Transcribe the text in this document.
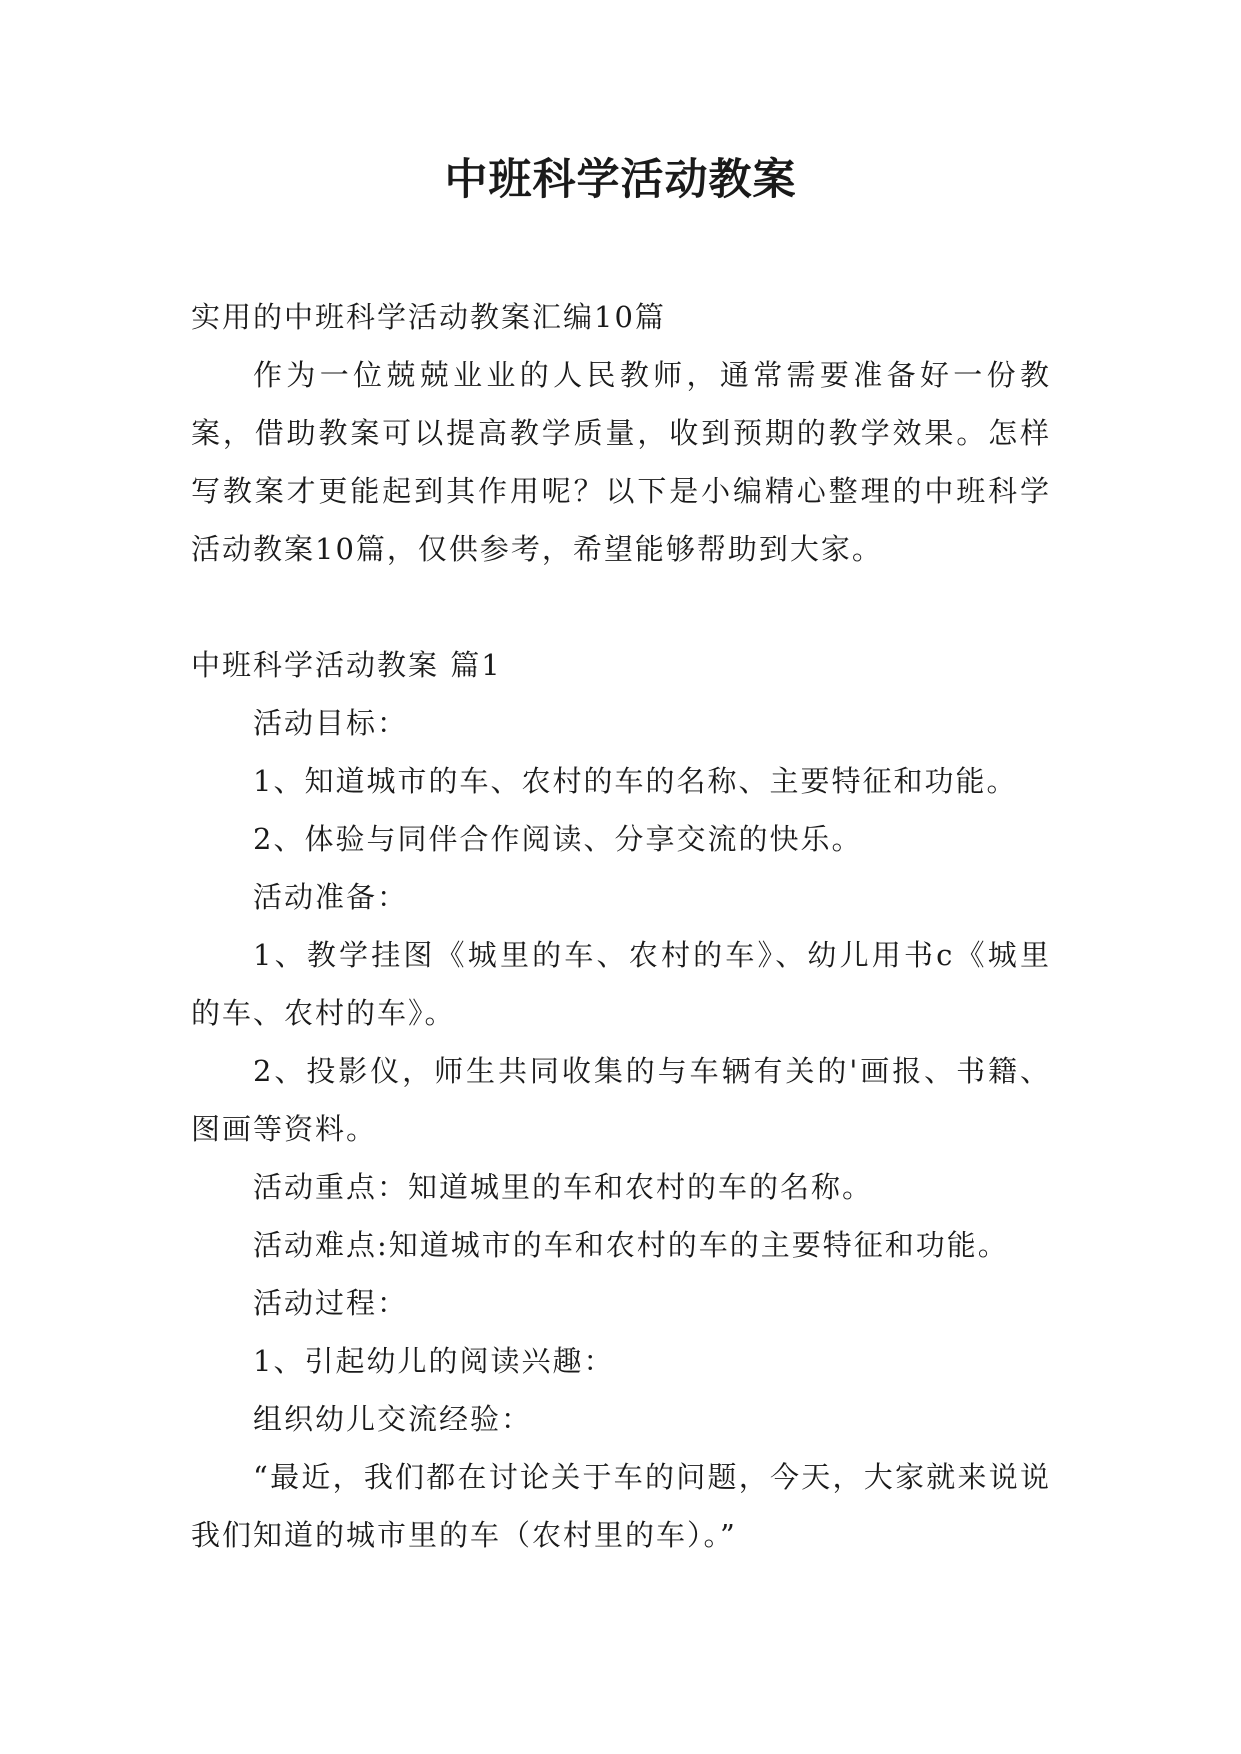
中班科学活动教案

实用的中班科学活动教案汇编10篇

作为一位兢兢业业的人民教师，通常需要准备好一份教案，借助教案可以提高教学质量，收到预期的教学效果。怎样写教案才更能起到其作用呢？以下是小编精心整理的中班科学活动教案10篇，仅供参考，希望能够帮助到大家。

中班科学活动教案 篇1

活动目标：

1、知道城市的车、农村的车的名称、主要特征和功能。

2、体验与同伴合作阅读、分享交流的快乐。

活动准备：

1、教学挂图《城里的车、农村的车》、幼儿用书c《城里的车、农村的车》。

2、投影仪，师生共同收集的与车辆有关的'画报、书籍、图画等资料。

活动重点：知道城里的车和农村的车的名称。

活动难点:知道城市的车和农村的车的主要特征和功能。

活动过程：

1、引起幼儿的阅读兴趣：

组织幼儿交流经验：

“最近，我们都在讨论关于车的问题，今天，大家就来说说我们知道的城市里的车（农村里的车）。”
